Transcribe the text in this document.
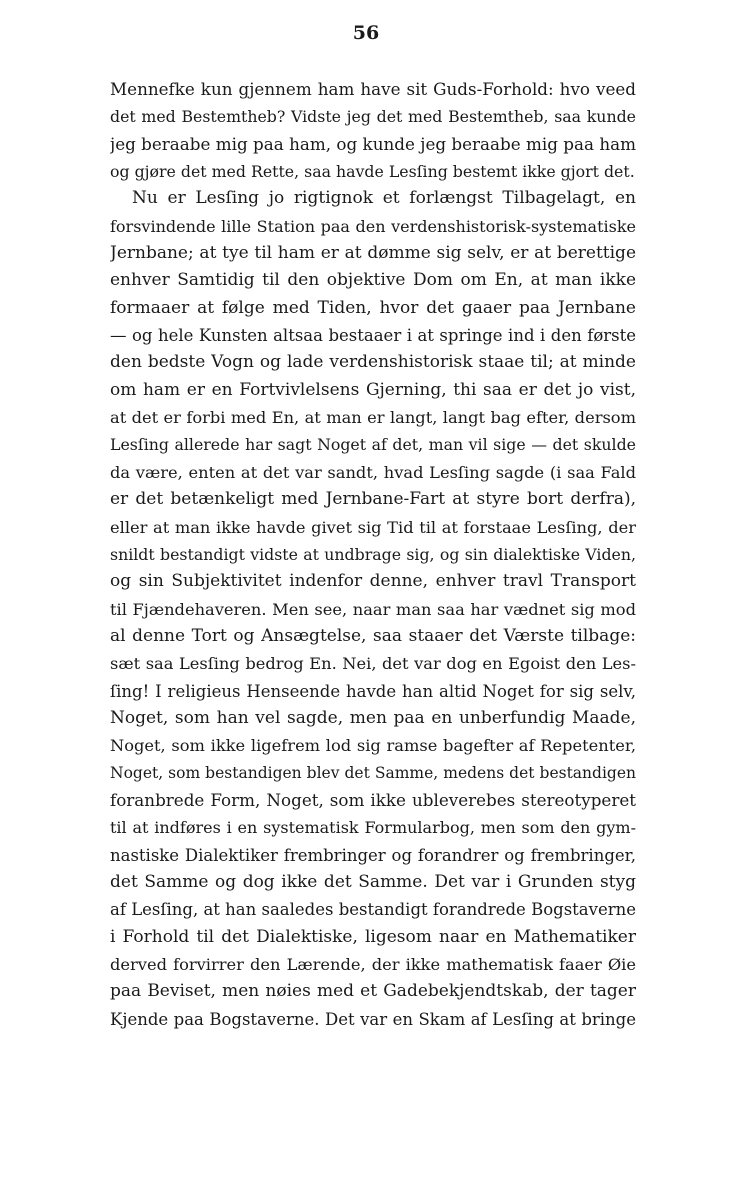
56
Mennefke kun gjennem ham have sit Guds-Forhold: hvo veed
det med Bestemtheb? Vidste jeg det med Bestemtheb, saa kunde
jeg beraabe mig paa ham, og kunde jeg beraabe mig paa ham
og gjøre det med Rette, saa havde Lesſing bestemt ikke gjort det.
Nu er Lesſing jo rigtignok et forlængst Tilbagelagt, en
forsvindende lille Station paa den verdenshistorisk-systematiske
Jernbane; at tye til ham er at dømme sig selv, er at berettige
enhver Samtidig til den objektive Dom om En, at man ikke
formaaer at følge med Tiden, hvor det gaaer paa Jernbane
— og hele Kunsten altsaa bestaaer i at springe ind i den første
den bedste Vogn og lade verdenshistorisk staae til; at minde
om ham er en Fortvivlelsens Gjerning, thi saa er det jo vist,
at det er forbi med En, at man er langt, langt bag efter, dersom
Lesſing allerede har sagt Noget af det, man vil sige — det skulde
da være, enten at det var sandt, hvad Lesſing sagde (i saa Fald
er det betænkeligt med Jernbane-Fart at styre bort derfra),
eller at man ikke havde givet sig Tid til at forstaae Lesſing, der
snildt bestandigt vidste at undbrage sig, og sin dialektiske Viden,
og sin Subjektivitet indenfor denne, enhver travl Transport
til Fjændehaveren. Men see, naar man saa har vædnet sig mod
al denne Tort og Ansægtelse, saa staaer det Værste tilbage:
sæt saa Lesſing bedrog En. Nei, det var dog en Egoist den Les-
ſing! I religieus Henseende havde han altid Noget for sig selv,
Noget, som han vel sagde, men paa en unberfundig Maade,
Noget, som ikke ligefrem lod sig ramse bagefter af Repetenter,
Noget, som bestandigen blev det Samme, medens det bestandigen
foranbrede Form, Noget, som ikke ubleverebes stereotyperet
til at indføres i en systematisk Formularbog, men som den gym-
nastiske Dialektiker frembringer og forandrer og frembringer,
det Samme og dog ikke det Samme. Det var i Grunden styg
af Lesſing, at han saaledes bestandigt forandrede Bogstaverne
i Forhold til det Dialektiske, ligesom naar en Mathematiker
derved forvirrer den Lærende, der ikke mathematisk faaer Øie
paa Beviset, men nøies med et Gadebekjendtskab, der tager
Kjende paa Bogstaverne. Det var en Skam af Lesſing at bringe
